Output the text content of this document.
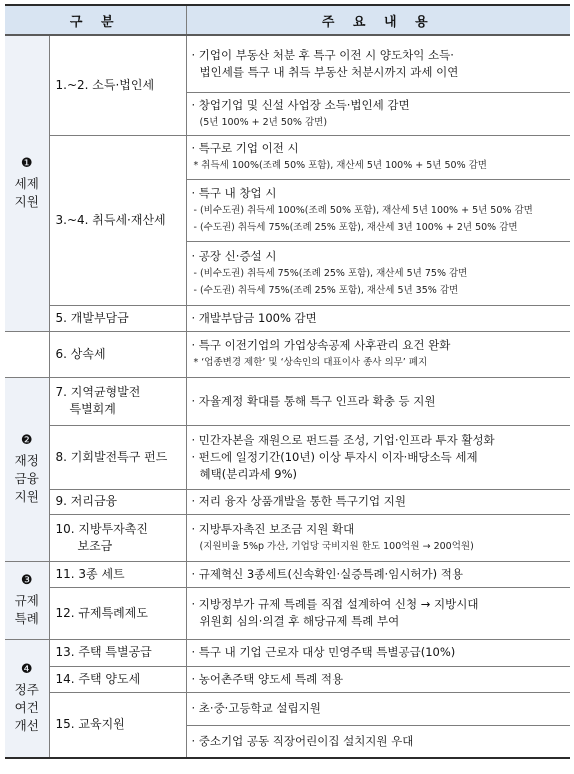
구 분		주 요 내 용

❶
세제
지원	1.~2. 소득·법인세	· 기업이 부동산 처분 후 특구 이전 시 양도차익 소득·
법인세를 특구 내 취득 부동산 처분시까지 과세 이연

		· 창업기업 및 신설 사업장 소득·법인세 감면
(5년 100% + 2년 50% 감면)

	3.~4. 취득세·재산세	· 특구로 기업 이전 시
* 취득세 100%(조례 50% 포함), 재산세 5년 100% + 5년 50% 감면

		· 특구 내 창업 시
- (비수도권) 취득세 100%(조례 50% 포함), 재산세 5년 100% + 5년 50% 감면
- (수도권) 취득세 75%(조례 25% 포함), 재산세 3년 100% + 2년 50% 감면

		· 공장 신·증설 시
- (비수도권) 취득세 75%(조례 25% 포함), 재산세 5년 75% 감면
- (수도권) 취득세 75%(조례 25% 포함), 재산세 5년 35% 감면

	5. 개발부담금	· 개발부담금 100% 감면
	6. 상속세	· 특구 이전기업의 가업상속공제 사후관리 요건 완화
* ‘업종변경 제한’ 및 ‘상속인의 대표이사 종사 의무’ 폐지

❷
재정
금융
지원	7. 지역균형발전
특별회계	· 자율계정 확대를 통해 특구 인프라 확충 등 지원
	8. 기회발전특구 펀드	· 민간자본을 재원으로 펀드를 조성, 기업·인프라 투자 활성화
· 펀드에 일정기간(10년) 이상 투자시 이자·배당소득 세제
혜택(분리과세 9%)

	9. 저리금융	· 저리 융자 상품개발을 통한 특구기업 지원

	10. 지방투자촉진
보조금	· 지방투자촉진 보조금 지원 확대
(지원비율 5%p 가산, 기업당 국비지원 한도 100억원 → 200억원)

❸
규제
특례	11. 3종 세트	· 규제혁신 3종세트(신속확인·실증특례·임시허가) 적용
	12. 규제특례제도	· 지방정부가 규제 특례를 직접 설계하여 신청 → 지방시대
위원회 심의·의결 후 해당규제 특례 부여

❹
정주
여건
개선	13. 주택 특별공급	· 특구 내 기업 근로자 대상 민영주택 특별공급(10%)
	14. 주택 양도세	· 농어촌주택 양도세 특례 적용
	15. 교육지원	· 초·중·고등학교 설립지원
		· 중소기업 공동 직장어린이집 설치지원 우대
